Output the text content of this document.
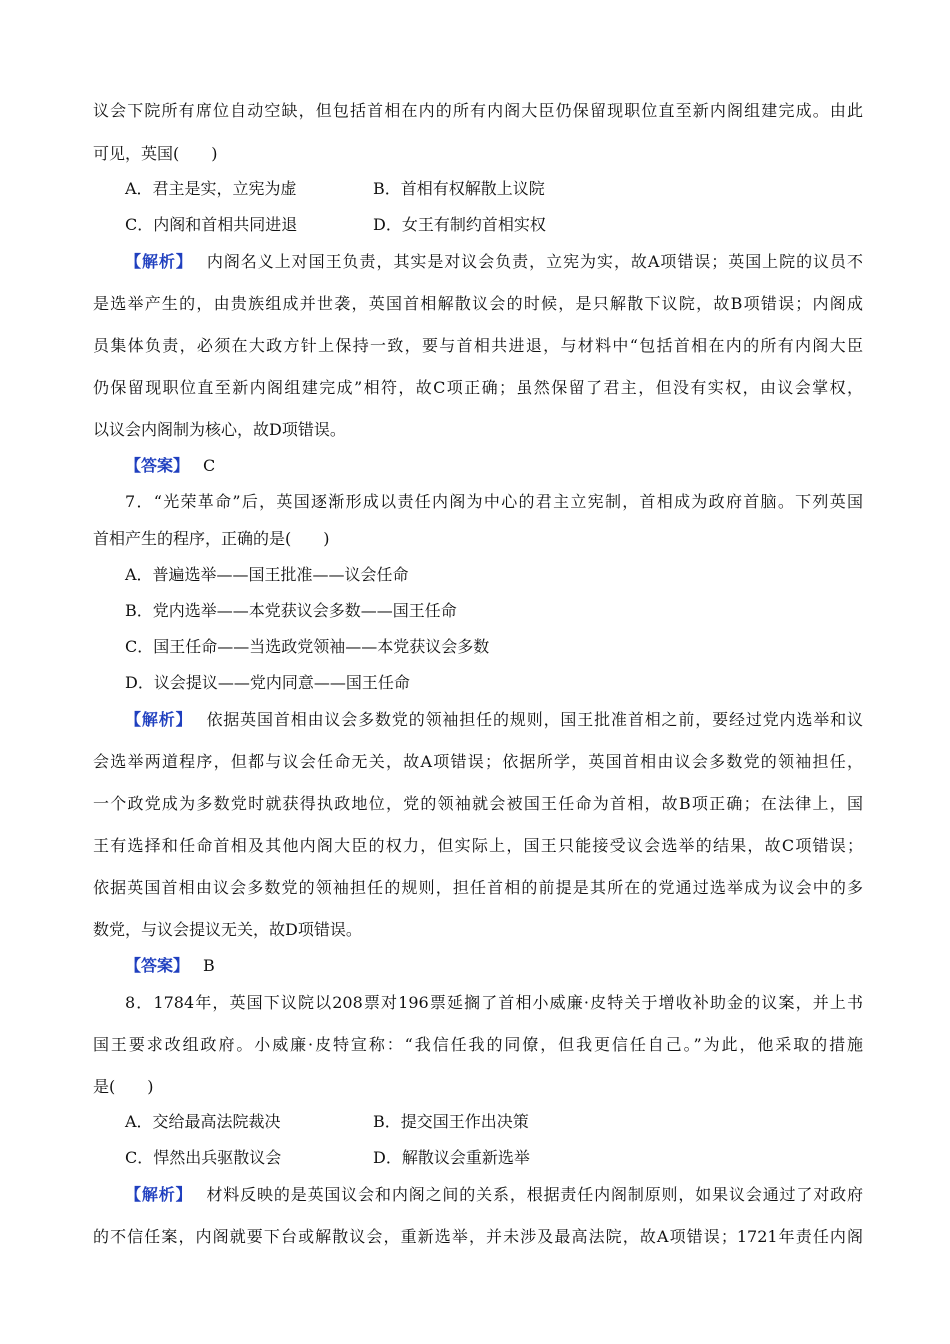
议会下院所有席位自动空缺，但包括首相在内的所有内阁大臣仍保留现职位直至新内阁组建完成。由此
可见，英国(　　)
A．君主是实，立宪为虚	B．首相有权解散上议院
C．内阁和首相共同进退	D．女王有制约首相实权
【解析】 内阁名义上对国王负责，其实是对议会负责，立宪为实，故A项错误；英国上院的议员不
是选举产生的，由贵族组成并世袭，英国首相解散议会的时候，是只解散下议院，故B项错误；内阁成
员集体负责，必须在大政方针上保持一致，要与首相共进退，与材料中“包括首相在内的所有内阁大臣
仍保留现职位直至新内阁组建完成”相符，故C项正确；虽然保留了君主，但没有实权，由议会掌权，
以议会内阁制为核心，故D项错误。
【答案】 C
7．“光荣革命”后，英国逐渐形成以责任内阁为中心的君主立宪制，首相成为政府首脑。下列英国
首相产生的程序，正确的是(　　)
A．普遍选举——国王批准——议会任命
B．党内选举——本党获议会多数——国王任命
C．国王任命——当选政党领袖——本党获议会多数
D．议会提议——党内同意——国王任命
【解析】 依据英国首相由议会多数党的领袖担任的规则，国王批准首相之前，要经过党内选举和议
会选举两道程序，但都与议会任命无关，故A项错误；依据所学，英国首相由议会多数党的领袖担任，
一个政党成为多数党时就获得执政地位，党的领袖就会被国王任命为首相，故B项正确；在法律上，国
王有选择和任命首相及其他内阁大臣的权力，但实际上，国王只能接受议会选举的结果，故C项错误；
依据英国首相由议会多数党的领袖担任的规则，担任首相的前提是其所在的党通过选举成为议会中的多
数党，与议会提议无关，故D项错误。
【答案】 B
8．1784年，英国下议院以208票对196票延搁了首相小威廉·皮特关于增收补助金的议案，并上书
国王要求改组政府。小威廉·皮特宣称：“我信任我的同僚，但我更信任自己。”为此，他采取的措施
是(　　)
A．交给最高法院裁决	B．提交国王作出决策
C．悍然出兵驱散议会	D．解散议会重新选举
【解析】 材料反映的是英国议会和内阁之间的关系，根据责任内阁制原则，如果议会通过了对政府
的不信任案，内阁就要下台或解散议会，重新选举，并未涉及最高法院，故A项错误；1721年责任内阁
